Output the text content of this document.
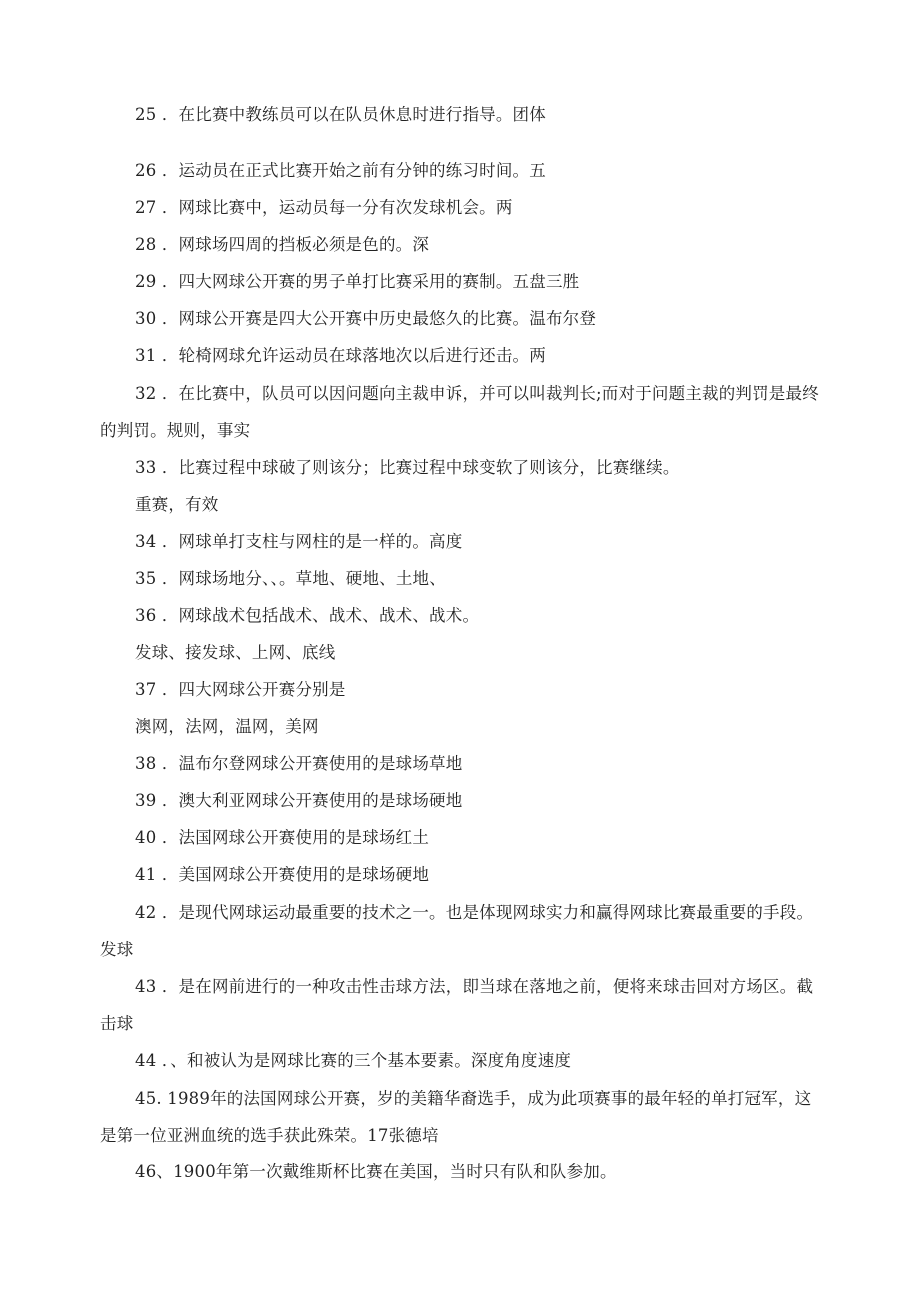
25 ．在比赛中教练员可以在队员休息时进行指导。团体
26 ．运动员在正式比赛开始之前有分钟的练习时间。五
27 ．网球比赛中，运动员每一分有次发球机会。两
28 ．网球场四周的挡板必须是色的。深
29 ．四大网球公开赛的男子单打比赛采用的赛制。五盘三胜
30 ．网球公开赛是四大公开赛中历史最悠久的比赛。温布尔登
31 ．轮椅网球允许运动员在球落地次以后进行还击。两
32 ．在比赛中，队员可以因问题向主裁申诉，并可以叫裁判长;而对于问题主裁的判罚是最终的判罚。规则，事实
33 ．比赛过程中球破了则该分；比赛过程中球变软了则该分，比赛继续。
重赛，有效
34 ．网球单打支柱与网柱的是一样的。高度
35 ．网球场地分、、。草地、硬地、土地、
36 ．网球战术包括战术、战术、战术、战术。
发球、接发球、上网、底线
37 ．四大网球公开赛分别是
澳网，法网，温网，美网
38 ．温布尔登网球公开赛使用的是球场草地
39 ．澳大利亚网球公开赛使用的是球场硬地
40 ．法国网球公开赛使用的是球场红土
41 ．美国网球公开赛使用的是球场硬地
42 ．是现代网球运动最重要的技术之一。也是体现网球实力和赢得网球比赛最重要的手段。发球
43 ．是在网前进行的一种攻击性击球方法，即当球在落地之前，便将来球击回对方场区。截击球
44 ．、和被认为是网球比赛的三个基本要素。深度角度速度
45. 1989年的法国网球公开赛，岁的美籍华裔选手，成为此项赛事的最年轻的单打冠军，这是第一位亚洲血统的选手获此殊荣。17张德培
46、1900年第一次戴维斯杯比赛在美国，当时只有队和队参加。
